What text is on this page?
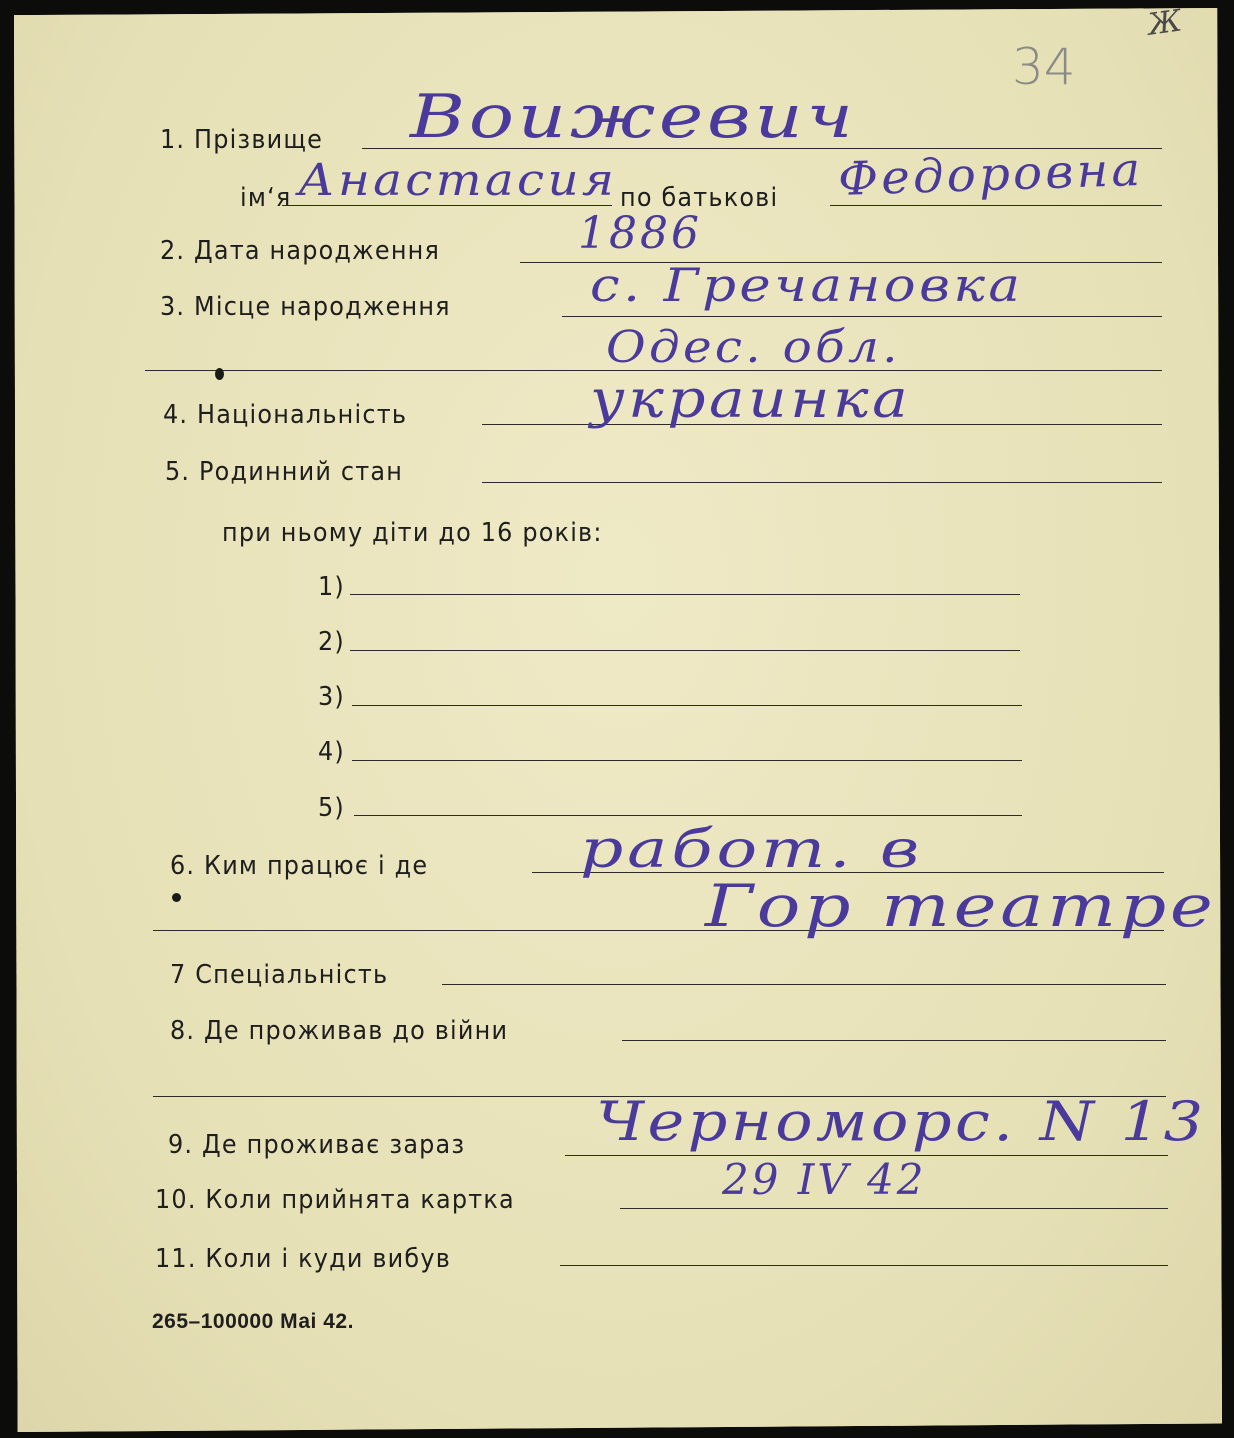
34
Ж
1. Прізвище Воижевич
ім‘я Анастасия по батькові Федоровна
2. Дата народження	1886
3. Місце народження	с. Гречановка
Одес. обл.
4. Національність	украинка
5. Родинний стан
при ньому діти до 16 років:
1)
2)
3)
4)
5)
6. Ким працює і де	работ. в
Гор театре
7 Спеціальність
8. Де проживав до війни
9. Де проживає зараз Черноморс. N 13
10. Коли прийнята картка	29 IV 42
11. Коли і куди вибув
265–100000 Маі 42.
